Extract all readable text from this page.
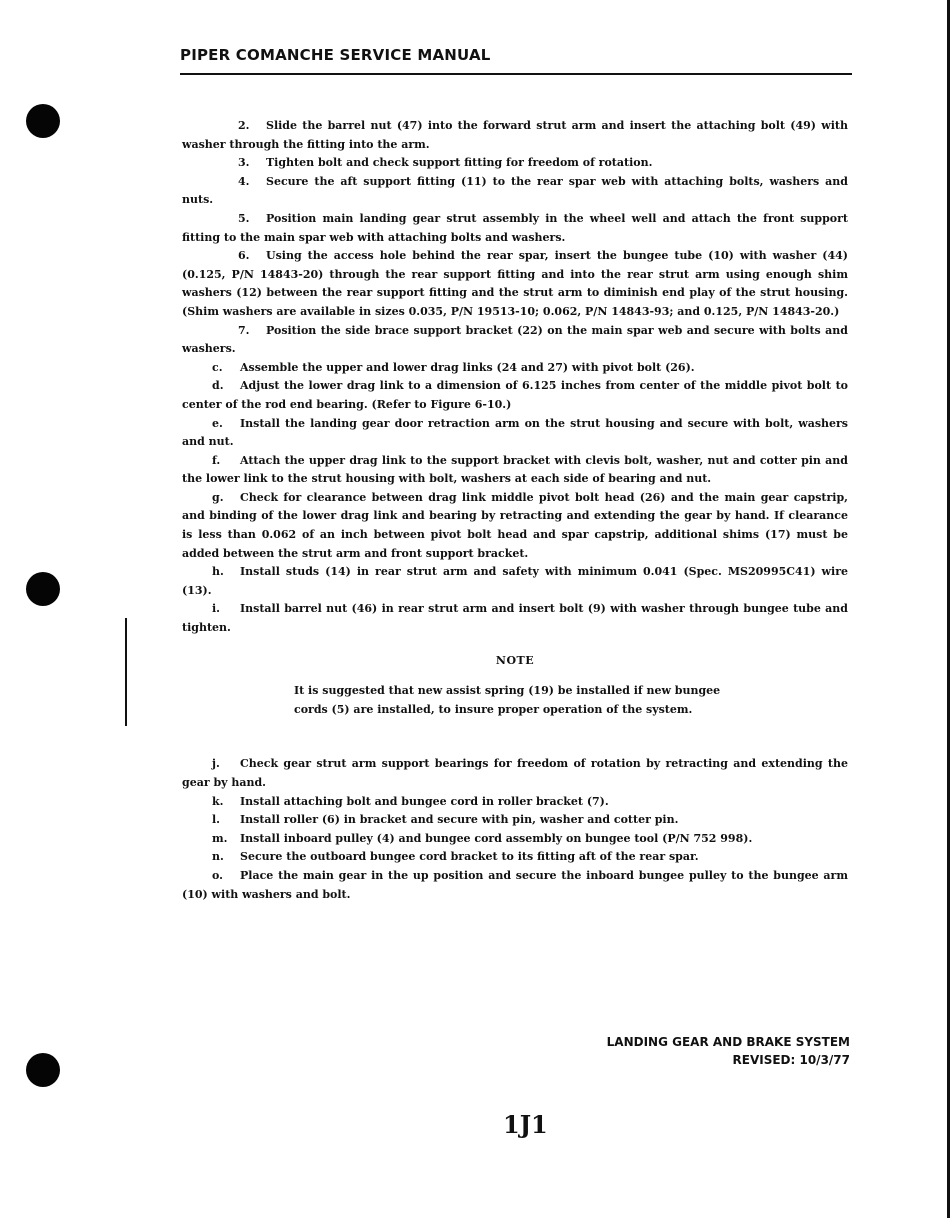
PIPER COMANCHE SERVICE MANUAL

2. Slide the barrel nut (47) into the forward strut arm and insert the attaching bolt (49) with washer through the fitting into the arm.

3. Tighten bolt and check support fitting for freedom of rotation.

4. Secure the aft support fitting (11) to the rear spar web with attaching bolts, washers and nuts.

5. Position main landing gear strut assembly in the wheel well and attach the front support fitting to the main spar web with attaching bolts and washers.

6. Using the access hole behind the rear spar, insert the bungee tube (10) with washer (44) (0.125, P/N 14843-20) through the rear support fitting and into the rear strut arm using enough shim washers (12) between the rear support fitting and the strut arm to diminish end play of the strut housing. (Shim washers are available in sizes 0.035, P/N 19513-10; 0.062, P/N 14843-93; and 0.125, P/N 14843-20.)

7. Position the side brace support bracket (22) on the main spar web and secure with bolts and washers.

c. Assemble the upper and lower drag links (24 and 27) with pivot bolt (26).

d. Adjust the lower drag link to a dimension of 6.125 inches from center of the middle pivot bolt to center of the rod end bearing. (Refer to Figure 6-10.)

e. Install the landing gear door retraction arm on the strut housing and secure with bolt, washers and nut.

f. Attach the upper drag link to the support bracket with clevis bolt, washer, nut and cotter pin and the lower link to the strut housing with bolt, washers at each side of bearing and nut.

g. Check for clearance between drag link middle pivot bolt head (26) and the main gear capstrip, and binding of the lower drag link and bearing by retracting and extending the gear by hand. If clearance is less than 0.062 of an inch between pivot bolt head and spar capstrip, additional shims (17) must be added between the strut arm and front support bracket.

h. Install studs (14) in rear strut arm and safety with minimum 0.041 (Spec. MS20995C41) wire (13).

i. Install barrel nut (46) in rear strut arm and insert bolt (9) with washer through bungee tube and tighten.

NOTE
It is suggested that new assist spring (19) be installed if new bungee cords (5) are installed, to insure proper operation of the system.

j. Check gear strut arm support bearings for freedom of rotation by retracting and extending the gear by hand.

k. Install attaching bolt and bungee cord in roller bracket (7).

l. Install roller (6) in bracket and secure with pin, washer and cotter pin.

m. Install inboard pulley (4) and bungee cord assembly on bungee tool (P/N 752 998).

n. Secure the outboard bungee cord bracket to its fitting aft of the rear spar.

o. Place the main gear in the up position and secure the inboard bungee pulley to the bungee arm (10) with washers and bolt.

LANDING GEAR AND BRAKE SYSTEM
REVISED: 10/3/77
1J1
